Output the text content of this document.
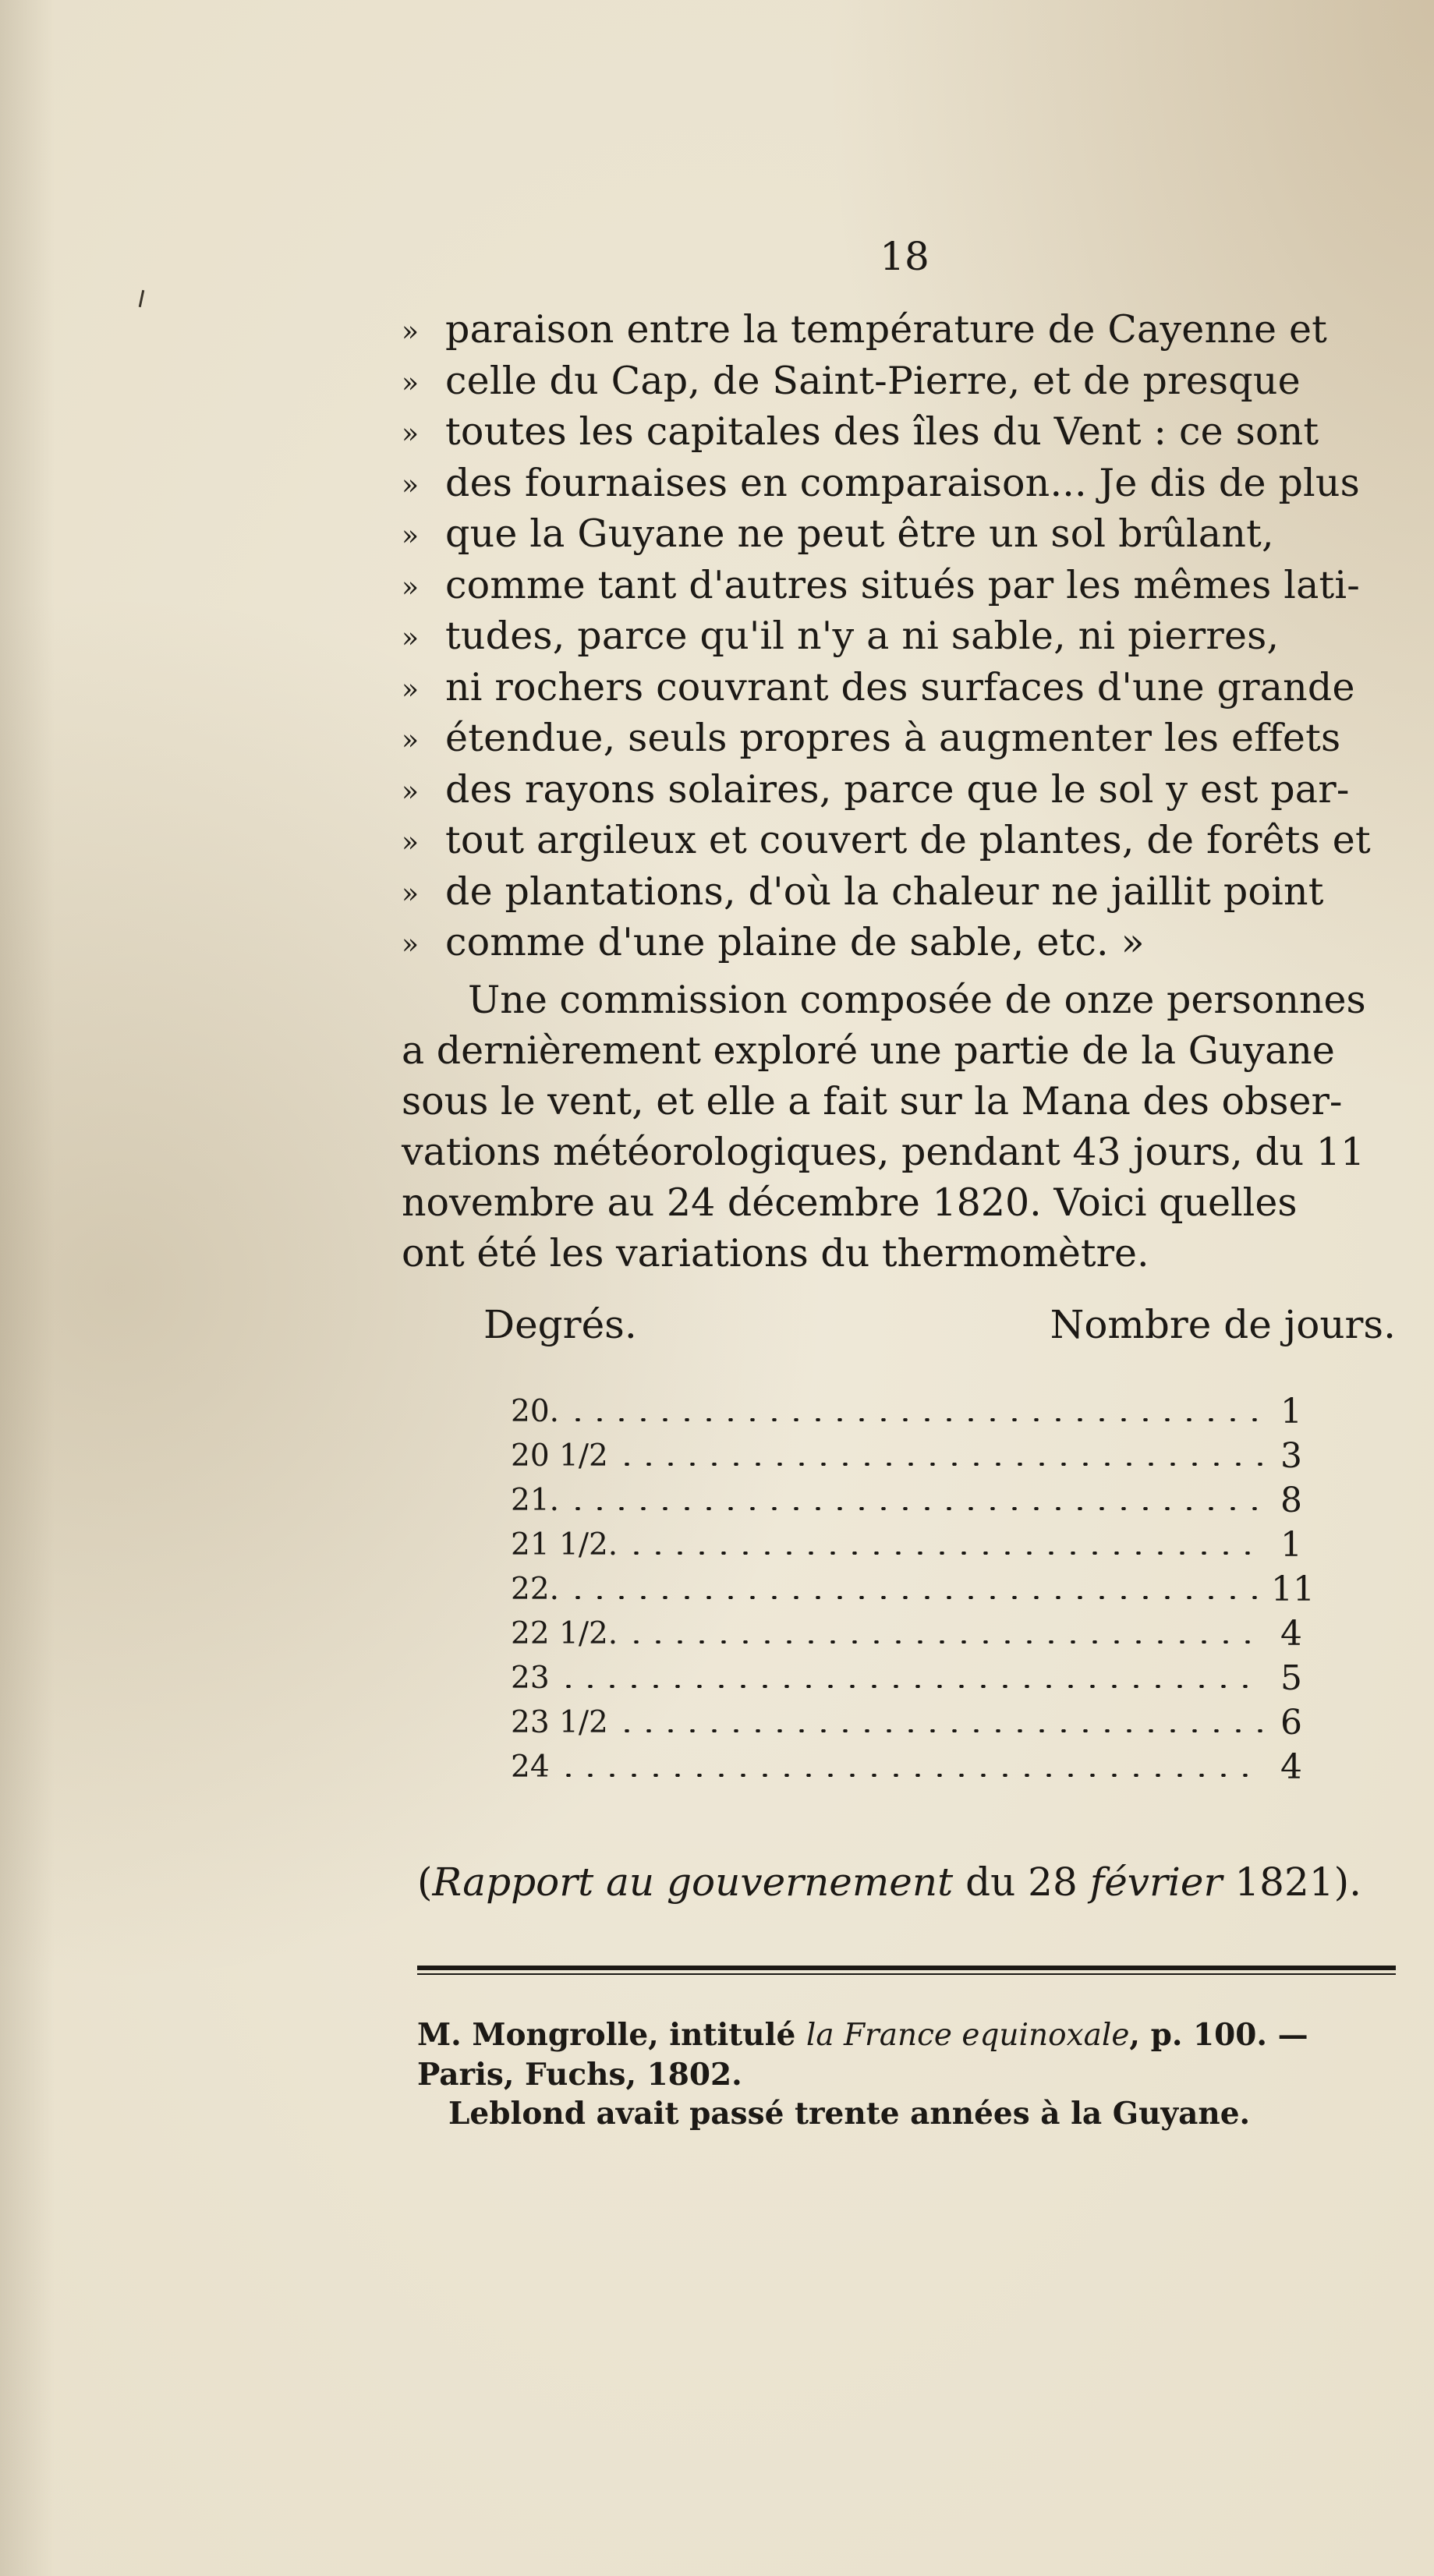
18
» paraison entre la température de Cayenne et
» celle du Cap, de Saint-Pierre, et de presque
» toutes les capitales des îles du Vent : ce sont
» des fournaises en comparaison... Je dis de plus
» que la Guyane ne peut être un sol brûlant,
» comme tant d'autres situés par les mêmes lati-
» tudes, parce qu'il n'y a ni sable, ni pierres,
» ni rochers couvrant des surfaces d'une grande
» étendue, seuls propres à augmenter les effets
» des rayons solaires, parce que le sol y est par-
» tout argileux et couvert de plantes, de forêts et
» de plantations, d'où la chaleur ne jaillit point
» comme d'une plaine de sable, etc. »
Une commission composée de onze personnes
a dernièrement exploré une partie de la Guyane
sous le vent, et elle a fait sur la Mana des obser-
vations météorologiques, pendant 43 jours, du 11
novembre au 24 décembre 1820. Voici quelles
ont été les variations du thermomètre.
Degrés.	Nombre de jours.
20.	1
20 1/2	3
21.	8
21 1/2.	1
22.	11
22 1/2.	4
23	5
23 1/2	6
24	4
(Rapport au gouvernement du 28 février 1821).
M. Mongrolle, intitulé la France equinoxale, p. 100. —
Paris, Fuchs, 1802.
Leblond avait passé trente années à la Guyane.
